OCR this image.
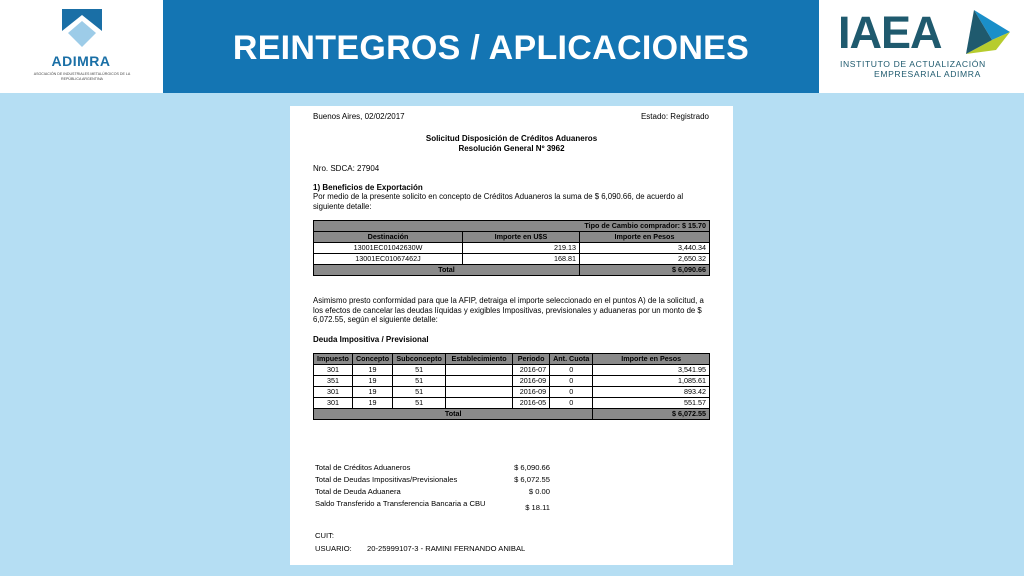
ADIMRA
ASOCIACIÓN DE INDUSTRIALES METALÚRGICOS DE LA REPÚBLICA ARGENTINA
REINTEGROS / APLICACIONES	IAEA
INSTITUTO DE ACTUALIZACIÓN
EMPRESARIAL ADIMRA
Buenos Aires, 02/02/2017	Estado: Registrado
Solicitud Disposición de Créditos Aduaneros
Resolución General Nº 3962
Nro. SDCA: 27904
1) Beneficios de Exportación
Por medio de la presente solicito en concepto de Créditos Aduaneros la suma de $ 6,090.66, de acuerdo al siguiente detalle:
Tipo de Cambio comprador: $ 15.70		
Destinación	Importe en U$S	Importe en Pesos
13001EC01042630W	219.13	3,440.34
13001EC01067462J	168.81	2,650.32
Total		$ 6,090.66
Asimismo presto conformidad para que la AFIP, detraiga el importe seleccionado en el puntos A) de la solicitud, a los efectos de cancelar las deudas líquidas y exigibles Impositivas, previsionales y aduaneras por un monto de $ 6,072.55, según el siguiente detalle:
Deuda Impositiva / Previsional
Impuesto	Concepto	Subconcepto	Establecimiento	Periodo	Ant. Cuota	Importe en Pesos
301	19	51		2016-07	0	3,541.95
351	19	51		2016-09	0	1,085.61
301	19	51		2016-09	0	893.42
301	19	51		2016-05	0	551.57
Total						$ 6,072.55
Total de Créditos Aduaneros	$ 6,090.66
Total de Deudas Impositivas/Previsionales	$ 6,072.55
Total de Deuda Aduanera	$ 0.00
Saldo Transferido a Transferencia Bancaria a CBU	$ 18.11
CUIT:
USUARIO: 20-25999107-3 - RAMINI FERNANDO ANIBAL
